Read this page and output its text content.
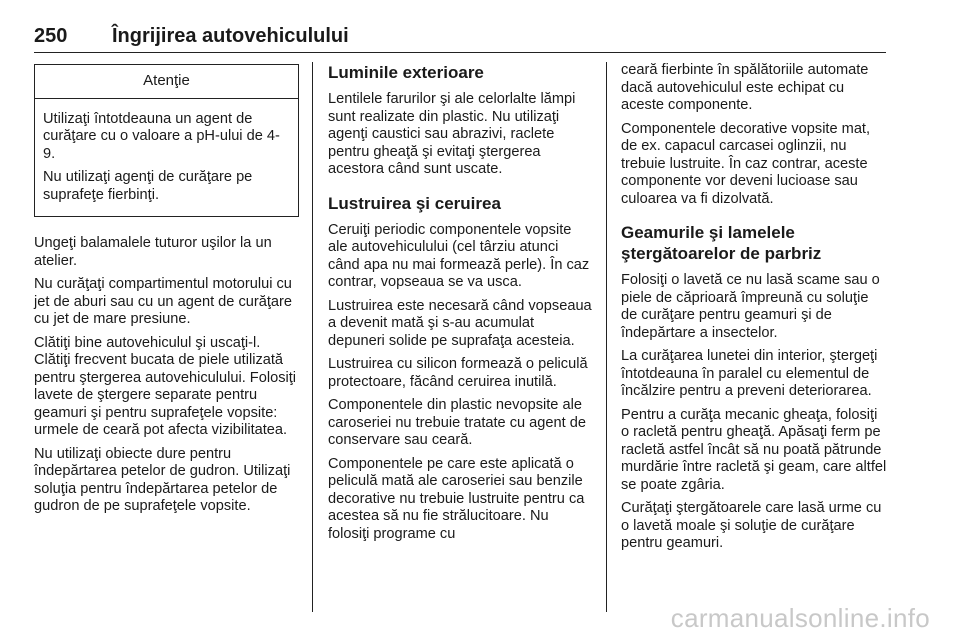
250 Îngrijirea autovehiculului
Atenţie

Utilizaţi întotdeauna un agent de curăţare cu o valoare a pH-ului de 4-9.

Nu utilizaţi agenţi de curăţare pe suprafeţe fierbinţi.

Ungeţi balamalele tuturor uşilor la un atelier.

Nu curăţaţi compartimentul motorului cu jet de aburi sau cu un agent de curăţare cu jet de mare presiune.

Clătiţi bine autovehiculul şi uscaţi-l. Clătiţi frecvent bucata de piele utilizată pentru ştergerea autovehiculului. Folosiţi lavete de ştergere separate pentru geamuri şi pentru suprafeţele vopsite: urmele de ceară pot afecta vizibilitatea.

Nu utilizaţi obiecte dure pentru îndepărtarea petelor de gudron. Utilizaţi soluţia pentru îndepărtarea petelor de gudron de pe suprafeţele vopsite.

Luminile exterioare

Lentilele farurilor şi ale celorlalte lămpi sunt realizate din plastic. Nu utilizaţi agenţi caustici sau abrazivi, raclete pentru gheaţă şi evitaţi ştergerea acestora când sunt uscate.

Lustruirea şi ceruirea

Ceruiţi periodic componentele vopsite ale autovehiculului (cel târziu atunci când apa nu mai formează perle). În caz contrar, vopseaua se va usca.

Lustruirea este necesară când vopseaua a devenit mată şi s-au acumulat depuneri solide pe suprafaţa acesteia.

Lustruirea cu silicon formează o peliculă protectoare, făcând ceruirea inutilă.

Componentele din plastic nevopsite ale caroseriei nu trebuie tratate cu agent de conservare sau ceară.

Componentele pe care este aplicată o peliculă mată ale caroseriei sau benzile decorative nu trebuie lustruite pentru ca acestea să nu fie strălucitoare. Nu folosiţi programe cu

ceară fierbinte în spălătoriile automate dacă autovehiculul este echipat cu aceste componente.

Componentele decorative vopsite mat, de ex. capacul carcasei oglinzii, nu trebuie lustruite. În caz contrar, aceste componente vor deveni lucioase sau culoarea va fi dizolvată.

Geamurile şi lamelele ştergătoarelor de parbriz

Folosiţi o lavetă ce nu lasă scame sau o piele de căprioară împreună cu soluţie de curăţare pentru geamuri şi de îndepărtare a insectelor.

La curăţarea lunetei din interior, ştergeţi întotdeauna în paralel cu elementul de încălzire pentru a preveni deteriorarea.

Pentru a curăţa mecanic gheaţa, folosiţi o racletă pentru gheaţă. Apăsaţi ferm pe racletă astfel încât să nu poată pătrunde murdărie între racletă şi geam, care altfel se poate zgâria.

Curăţaţi ştergătoarele care lasă urme cu o lavetă moale şi soluţie de curăţare pentru geamuri.

carmanualsonline.info
